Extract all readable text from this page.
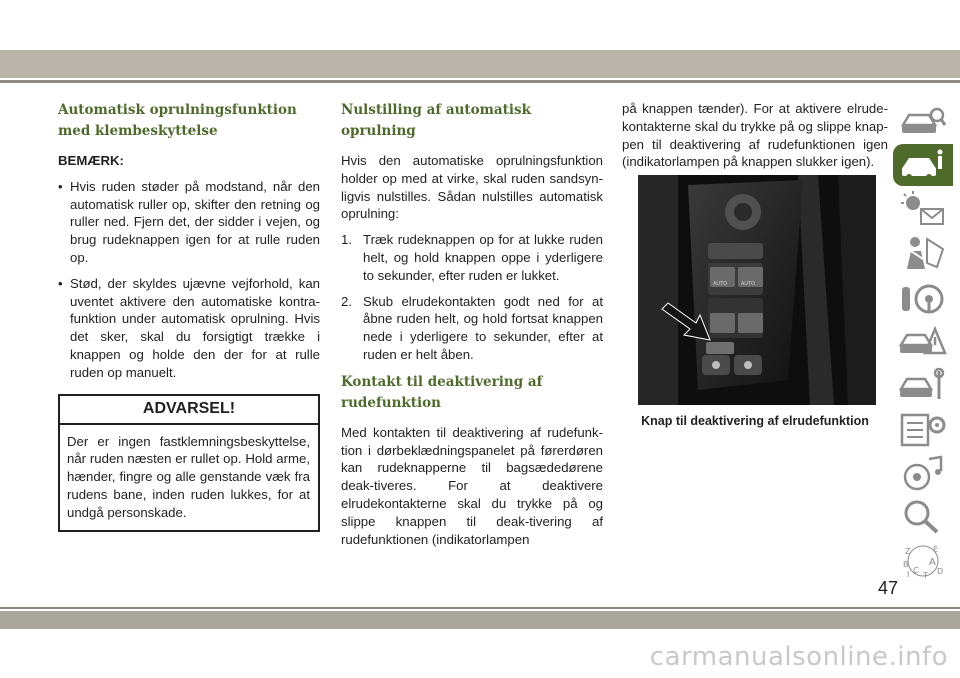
Automatisk oprulningsfunktion med klembeskyttelse
BEMÆRK:
• Hvis ruden støder på modstand, når den automatisk ruller op, skifter den retning og ruller ned. Fjern det, der sidder i vejen, og brug rudeknappen igen for at rulle ruden op.
• Stød, der skyldes ujævne vejforhold, kan uventet aktivere den automatiske kontra-funktion under automatisk oprulning. Hvis det sker, skal du forsigtigt trække i knappen og holde den der for at rulle ruden op manuelt.
ADVARSEL!
Der er ingen fastklemningsbeskyttelse, når ruden næsten er rullet op. Hold arme, hænder, fingre og alle genstande væk fra rudens bane, inden ruden lukkes, for at undgå personskade.
Nulstilling af automatisk oprulning

Hvis den automatiske oprulningsfunktion holder op med at virke, skal ruden sandsyn-ligvis nulstilles. Sådan nulstilles automatisk oprulning:

1. Træk rudeknappen op for at lukke ruden helt, og hold knappen oppe i yderligere to sekunder, efter ruden er lukket.
2. Skub elrudekontakten godt ned for at åbne ruden helt, og hold fortsat knappen nede i yderligere to sekunder, efter at ruden er helt åben.
Kontakt til deaktivering af rudefunktion

Med kontakten til deaktivering af rudefunk-tion i dørbeklædningspanelet på førerdøren kan rudeknapperne til bagsædedørene deak-tiveres. For at deaktivere elrudekontakterne skal du trykke på og slippe knappen til deak-tivering af rudefunktionen (indikatorlampen

på knappen tænder). For at aktivere elrude-kontakterne skal du trykke på og slippe knap-pen til deaktivering af rudefunktionen igen (indikatorlampen på knappen slukker igen).

AUTO	AUTO
Knap til deaktivering af elrudefunktion
Z	E
B A
C D
I T
47
carmanualsonline.info
